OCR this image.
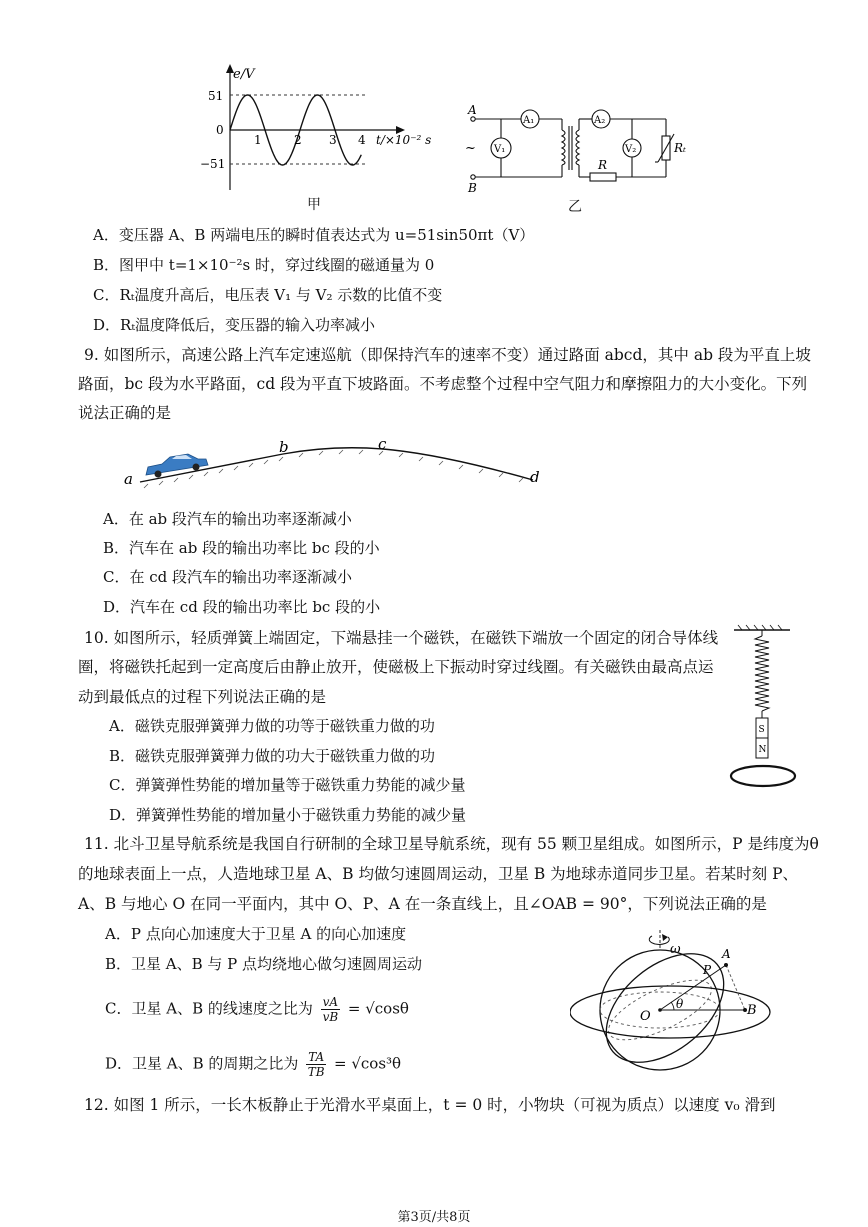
e/V
51
0
−51
1	2 3 4 t/×10⁻² s
甲
A
B
~
A₁	A₂
V₁	V₂
R
Rₜ
乙
A．变压器 A、B 两端电压的瞬时值表达式为 u=51sin50πt（V）
B．图甲中 t=1×10⁻²s 时，穿过线圈的磁通量为 0
C．Rₜ温度升高后，电压表 V₁ 与 V₂ 示数的比值不变
D．Rₜ温度降低后，变压器的输入功率减小
9. 如图所示，高速公路上汽车定速巡航（即保持汽车的速率不变）通过路面 abcd，其中 ab 段为平直上坡
路面，bc 段为水平路面，cd 段为平直下坡路面。不考虑整个过程中空气阻力和摩擦阻力的大小变化。下列
说法正确的是
a
b	c
d
A．在 ab 段汽车的输出功率逐渐减小
B．汽车在 ab 段的输出功率比 bc 段的小
C．在 cd 段汽车的输出功率逐渐减小
D．汽车在 cd 段的输出功率比 bc 段的小
10. 如图所示，轻质弹簧上端固定，下端悬挂一个磁铁，在磁铁下端放一个固定的闭合导体线
圈，将磁铁托起到一定高度后由静止放开，使磁极上下振动时穿过线圈。有关磁铁由最高点运
动到最低点的过程下列说法正确的是
S
N
A．磁铁克服弹簧弹力做的功等于磁铁重力做的功
B．磁铁克服弹簧弹力做的功大于磁铁重力做的功
C．弹簧弹性势能的增加量等于磁铁重力势能的减少量
D．弹簧弹性势能的增加量小于磁铁重力势能的减少量
11. 北斗卫星导航系统是我国自行研制的全球卫星导航系统，现有 55 颗卫星组成。如图所示，P 是纬度为θ
的地球表面上一点，人造地球卫星 A、B 均做匀速圆周运动，卫星 B 为地球赤道同步卫星。若某时刻 P、
A、B 与地心 O 在同一平面内，其中 O、P、A 在一条直线上，且∠OAB = 90°，下列说法正确的是
A．P 点向心加速度大于卫星 A 的向心加速度
B．卫星 A、B 与 P 点均绕地心做匀速圆周运动
C．卫星 A、B 的线速度之比为 $\frac{vA}{vB} = √\cos\theta$
D．卫星 A、B 的周期之比为 $\frac{TA}{TB} = √\cos^3\theta$
ω
O
P
A
B
θ
12. 如图 1 所示，一长木板静止于光滑水平桌面上，t = 0 时，小物块（可视为质点）以速度 v₀ 滑到
第3页/共8页
